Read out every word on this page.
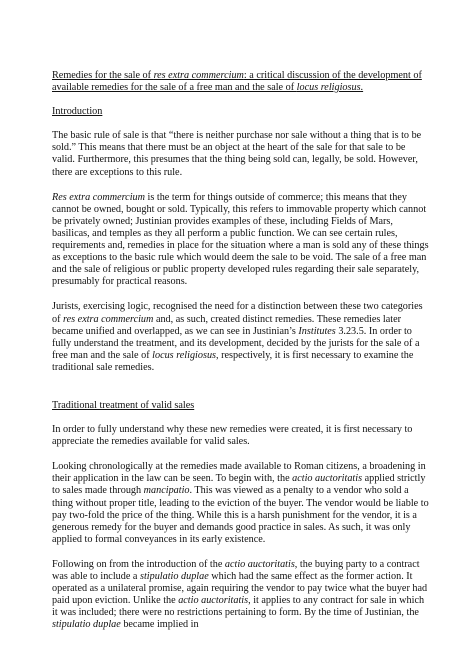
Remedies for the sale of res extra commercium: a critical discussion of the development of available remedies for the sale of a free man and the sale of locus religiosus.
Introduction

The basic rule of sale is that “there is neither purchase nor sale without a thing that is to be sold.” This means that there must be an object at the heart of the sale for that sale to be valid. Furthermore, this presumes that the thing being sold can, legally, be sold. However, there are exceptions to this rule.

Res extra commercium is the term for things outside of commerce; this means that they cannot be owned, bought or sold. Typically, this refers to immovable property which cannot be privately owned; Justinian provides examples of these, including Fields of Mars, basilicas, and temples as they all perform a public function. We can see certain rules, requirements and, remedies in place for the situation where a man is sold any of these things as exceptions to the basic rule which would deem the sale to be void. The sale of a free man and the sale of religious or public property developed rules regarding their sale separately, presumably for practical reasons.

Jurists, exercising logic, recognised the need for a distinction between these two categories of res extra commercium and, as such, created distinct remedies. These remedies later became unified and overlapped, as we can see in Justinian’s Institutes 3.23.5. In order to fully understand the treatment, and its development, decided by the jurists for the sale of a free man and the sale of locus religiosus, respectively, it is first necessary to examine the traditional sale remedies.

Traditional treatment of valid sales

In order to fully understand why these new remedies were created, it is first necessary to appreciate the remedies available for valid sales.

Looking chronologically at the remedies made available to Roman citizens, a broadening in their application in the law can be seen. To begin with, the actio auctoritatis applied strictly to sales made through mancipatio. This was viewed as a penalty to a vendor who sold a thing without proper title, leading to the eviction of the buyer. The vendor would be liable to pay two-fold the price of the thing. While this is a harsh punishment for the vendor, it is a generous remedy for the buyer and demands good practice in sales. As such, it was only applied to formal conveyances in its early existence.

Following on from the introduction of the actio auctoritatis, the buying party to a contract was able to include a stipulatio duplae which had the same effect as the former action. It operated as a unilateral promise, again requiring the vendor to pay twice what the buyer had paid upon eviction. Unlike the actio auctoritatis, it applies to any contract for sale in which it was included; there were no restrictions pertaining to form. By the time of Justinian, the stipulatio duplae became implied in
